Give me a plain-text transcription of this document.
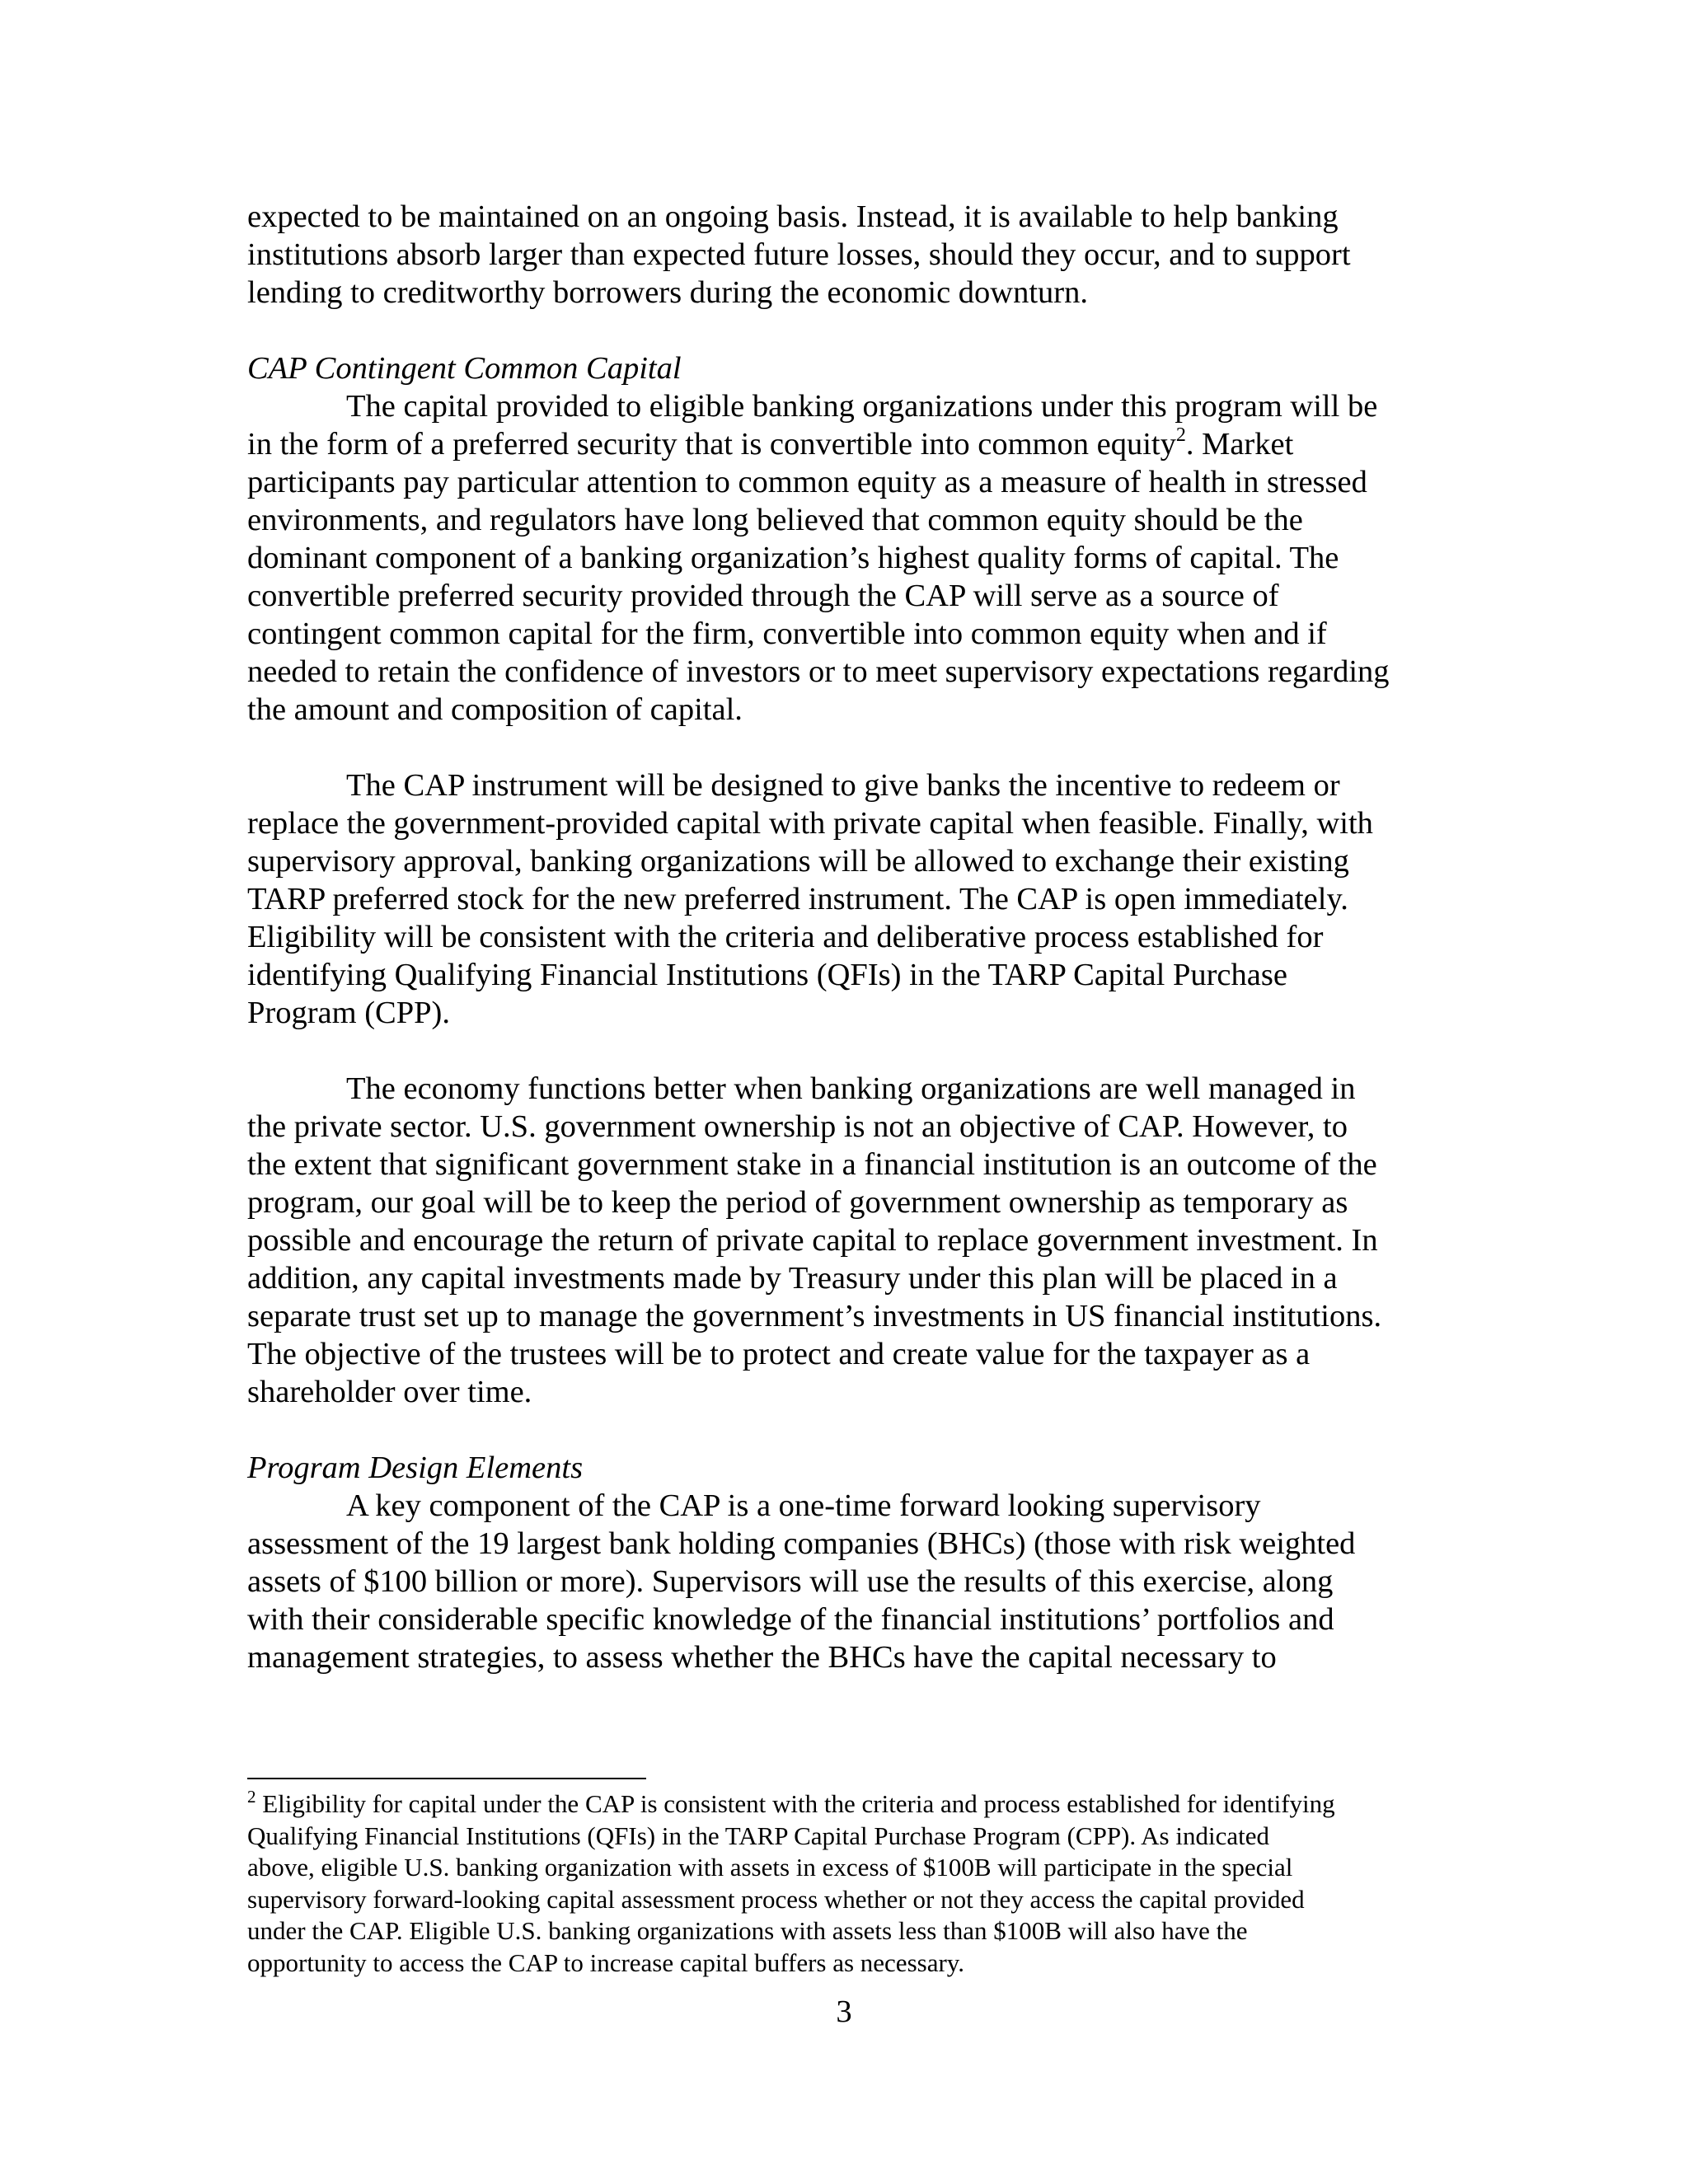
expected to be maintained on an ongoing basis. Instead, it is available to help banking
institutions absorb larger than expected future losses, should they occur, and to support
lending to creditworthy borrowers during the economic downturn.

CAP Contingent Common Capital

The capital provided to eligible banking organizations under this program will be
in the form of a preferred security that is convertible into common equity$^2$. Market
participants pay particular attention to common equity as a measure of health in stressed
environments, and regulators have long believed that common equity should be the
dominant component of a banking organization’s highest quality forms of capital. The
convertible preferred security provided through the CAP will serve as a source of
contingent common capital for the firm, convertible into common equity when and if
needed to retain the confidence of investors or to meet supervisory expectations regarding
the amount and composition of capital.

The CAP instrument will be designed to give banks the incentive to redeem or
replace the government-provided capital with private capital when feasible. Finally, with
supervisory approval, banking organizations will be allowed to exchange their existing
TARP preferred stock for the new preferred instrument. The CAP is open immediately.
Eligibility will be consistent with the criteria and deliberative process established for
identifying Qualifying Financial Institutions (QFIs) in the TARP Capital Purchase
Program (CPP).

The economy functions better when banking organizations are well managed in
the private sector. U.S. government ownership is not an objective of CAP. However, to
the extent that significant government stake in a financial institution is an outcome of the
program, our goal will be to keep the period of government ownership as temporary as
possible and encourage the return of private capital to replace government investment. In
addition, any capital investments made by Treasury under this plan will be placed in a
separate trust set up to manage the government’s investments in US financial institutions.
The objective of the trustees will be to protect and create value for the taxpayer as a
shareholder over time.

Program Design Elements

A key component of the CAP is a one-time forward looking supervisory
assessment of the 19 largest bank holding companies (BHCs) (those with risk weighted
assets of $100 billion or more). Supervisors will use the results of this exercise, along
with their considerable specific knowledge of the financial institutions’ portfolios and
management strategies, to assess whether the BHCs have the capital necessary to

$^2$ Eligibility for capital under the CAP is consistent with the criteria and process established for identifying
Qualifying Financial Institutions (QFIs) in the TARP Capital Purchase Program (CPP). As indicated
above, eligible U.S. banking organization with assets in excess of $100B will participate in the special
supervisory forward-looking capital assessment process whether or not they access the capital provided
under the CAP. Eligible U.S. banking organizations with assets less than $100B will also have the
opportunity to access the CAP to increase capital buffers as necessary.
3
